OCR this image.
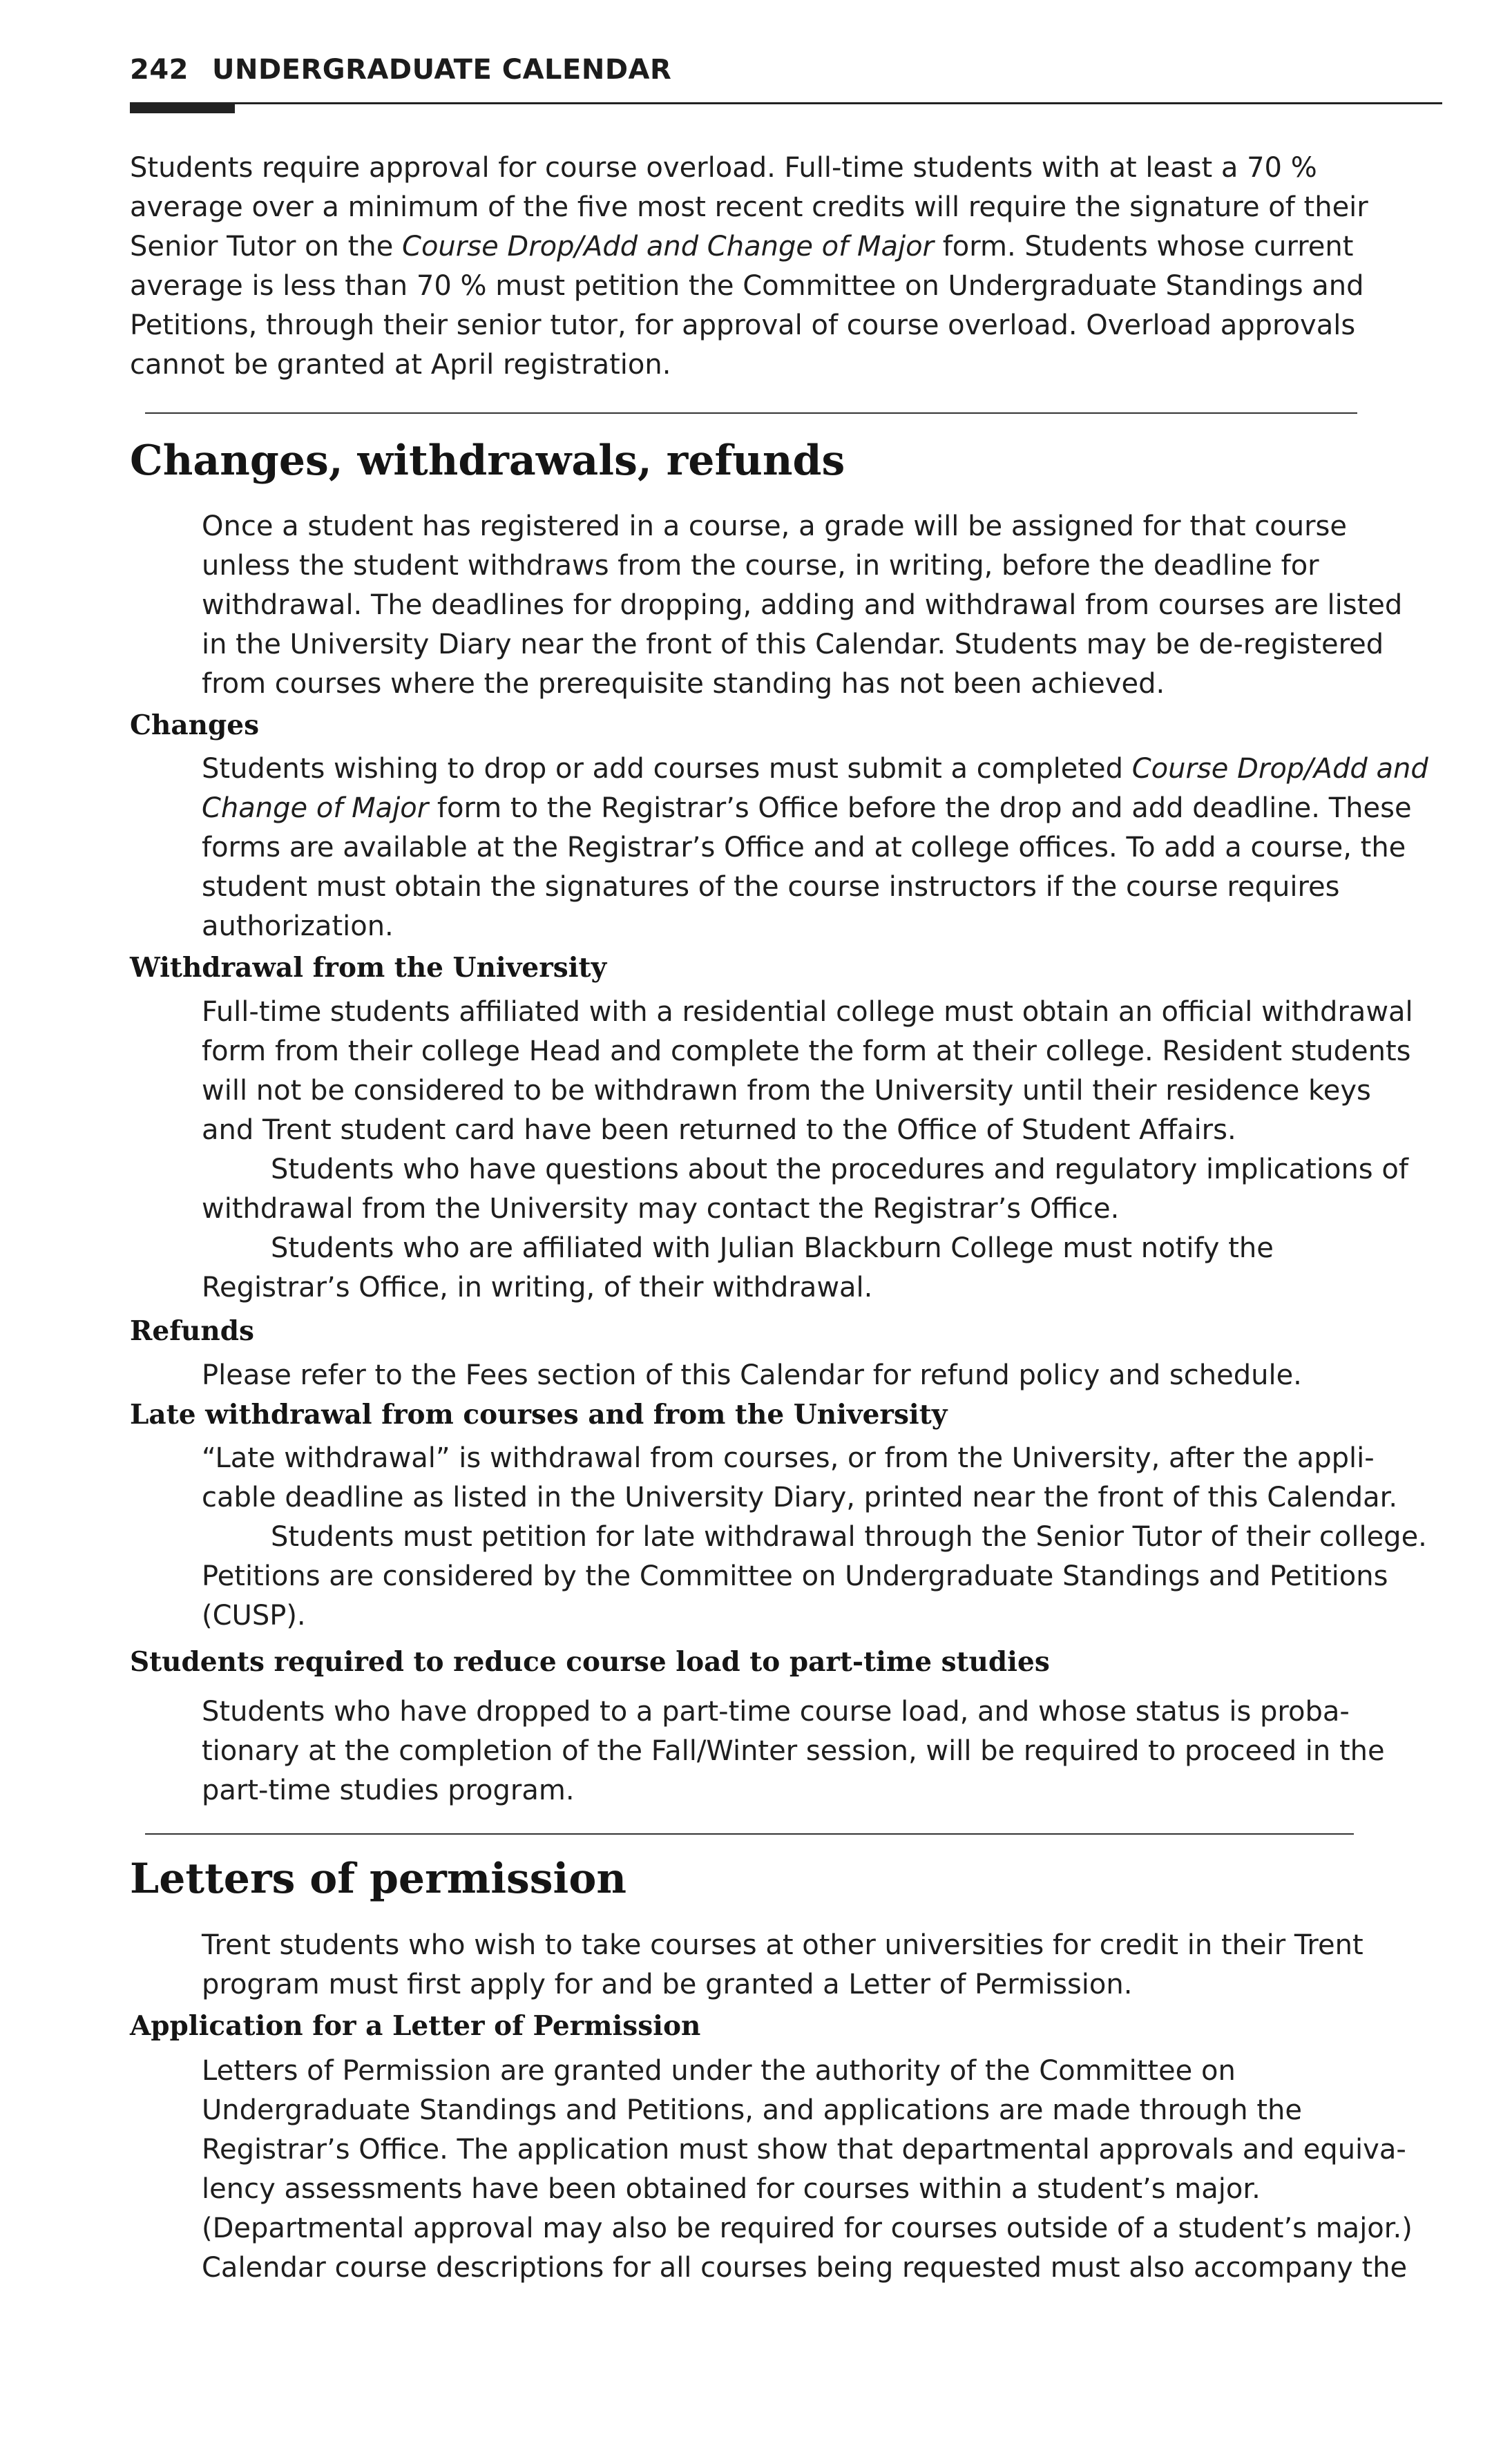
242 UNDERGRADUATE CALENDAR
Students require approval for course overload. Full-time students with at least a 70 %
average over a minimum of the five most recent credits will require the signature of their
Senior Tutor on the Course Drop/Add and Change of Major form. Students whose current
average is less than 70 % must petition the Committee on Undergraduate Standings and
Petitions, through their senior tutor, for approval of course overload. Overload approvals
cannot be granted at April registration.
Changes, withdrawals, refunds
Once a student has registered in a course, a grade will be assigned for that course
unless the student withdraws from the course, in writing, before the deadline for
withdrawal. The deadlines for dropping, adding and withdrawal from courses are listed
in the University Diary near the front of this Calendar. Students may be de-registered
from courses where the prerequisite standing has not been achieved.
Changes
Students wishing to drop or add courses must submit a completed Course Drop/Add and
Change of Major form to the Registrar’s Office before the drop and add deadline. These
forms are available at the Registrar’s Office and at college offices. To add a course, the
student must obtain the signatures of the course instructors if the course requires
authorization.
Withdrawal from the University
Full-time students affiliated with a residential college must obtain an official withdrawal
form from their college Head and complete the form at their college. Resident students
will not be considered to be withdrawn from the University until their residence keys
and Trent student card have been returned to the Office of Student Affairs.
Students who have questions about the procedures and regulatory implications of
withdrawal from the University may contact the Registrar’s Office.
Students who are affiliated with Julian Blackburn College must notify the
Registrar’s Office, in writing, of their withdrawal.
Refunds
Please refer to the Fees section of this Calendar for refund policy and schedule.
Late withdrawal from courses and from the University
“Late withdrawal” is withdrawal from courses, or from the University, after the appli-
cable deadline as listed in the University Diary, printed near the front of this Calendar.
Students must petition for late withdrawal through the Senior Tutor of their college.
Petitions are considered by the Committee on Undergraduate Standings and Petitions
(CUSP).
Students required to reduce course load to part-time studies
Students who have dropped to a part-time course load, and whose status is proba-
tionary at the completion of the Fall/Winter session, will be required to proceed in the
part-time studies program.
Letters of permission
Trent students who wish to take courses at other universities for credit in their Trent
program must first apply for and be granted a Letter of Permission.
Application for a Letter of Permission
Letters of Permission are granted under the authority of the Committee on
Undergraduate Standings and Petitions, and applications are made through the
Registrar’s Office. The application must show that departmental approvals and equiva-
lency assessments have been obtained for courses within a student’s major.
(Departmental approval may also be required for courses outside of a student’s major.)
Calendar course descriptions for all courses being requested must also accompany the
